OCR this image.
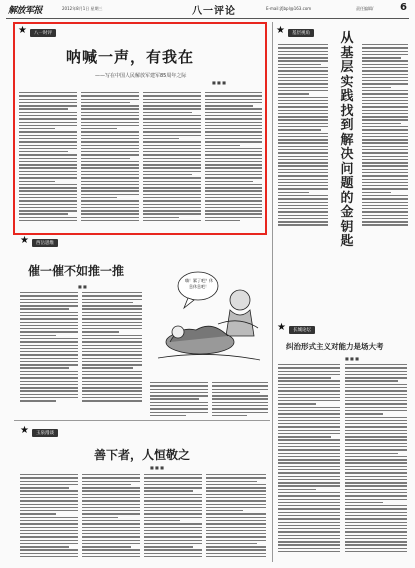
解放军报	2012年8月1日 星期三	八一评论	E-mail:jfjbpl@163.com	责任编辑/	6
★
八一时评
呐喊一声，有我在
——写在中国人民解放军建军85周年之际
■ ■ ■
★
基层视角	从
基
层
实
践
找
到
解
决
问
题
的
金
钥
匙
★
西岳思维
催一催不如推一推
■ ■
嗨！累了吧？休息休息吧！
★
长城论坛
纠治形式主义对能力是场大考
■ ■ ■
★
玉泉漫谈
善下者，人恒敬之
■ ■ ■
